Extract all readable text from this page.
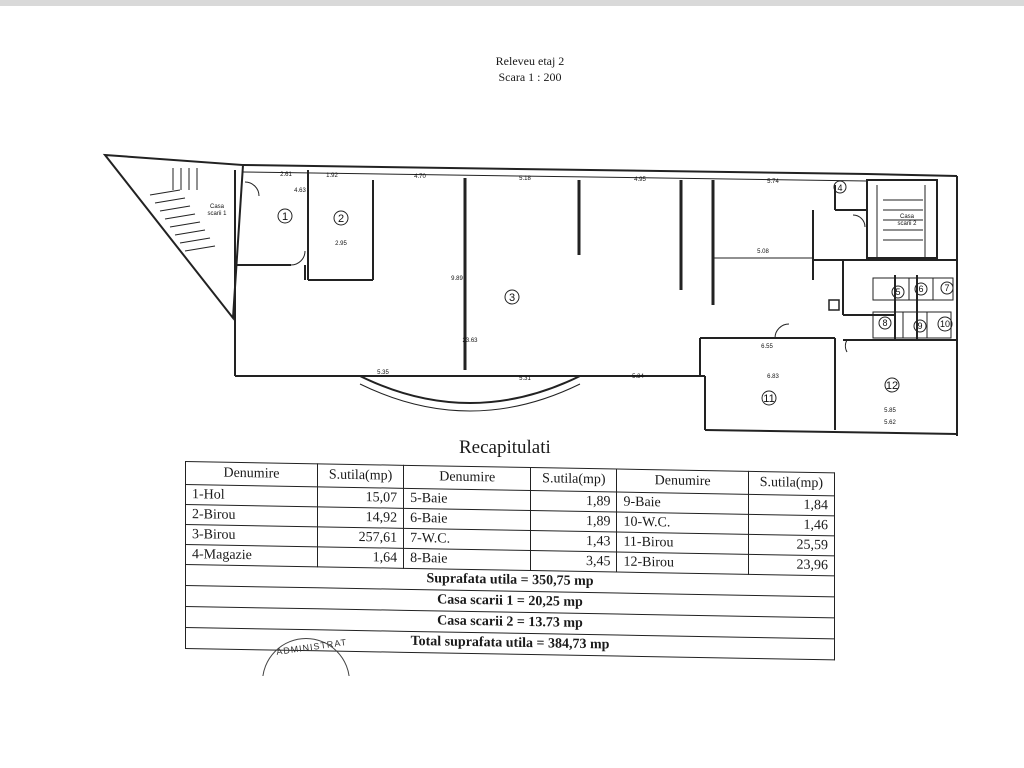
Releveu etaj 2
Scara 1 : 200
1	2
3
4
5 6 7
8	9 10
11
12
Casa
scarii 1	Casa
scarii 2
2.61	1.92	4.70	5.18	4.95	5.74
23.63
5.08
2.95
4.63
9.89
6.55
6.83
5.62
5.35
5.31	5.34
5.85
Recapitulati
Denumire	S.utila(mp)	Denumire	S.utila(mp)	Denumire	S.utila(mp)
1-Hol	15,07	5-Baie	1,89	9-Baie	1,84
2-Birou	14,92	6-Baie	1,89	10-W.C.	1,46
3-Birou	257,61	7-W.C.	1,43	11-Birou	25,59
4-Magazie	1,64	8-Baie	3,45	12-Birou	23,96
Suprafata utila = 350,75 mp					
Casa scarii 1 = 20,25 mp					
Casa scarii 2 = 13.73 mp					
Total suprafata utila = 384,73 mp					
ADMINISTRAT
